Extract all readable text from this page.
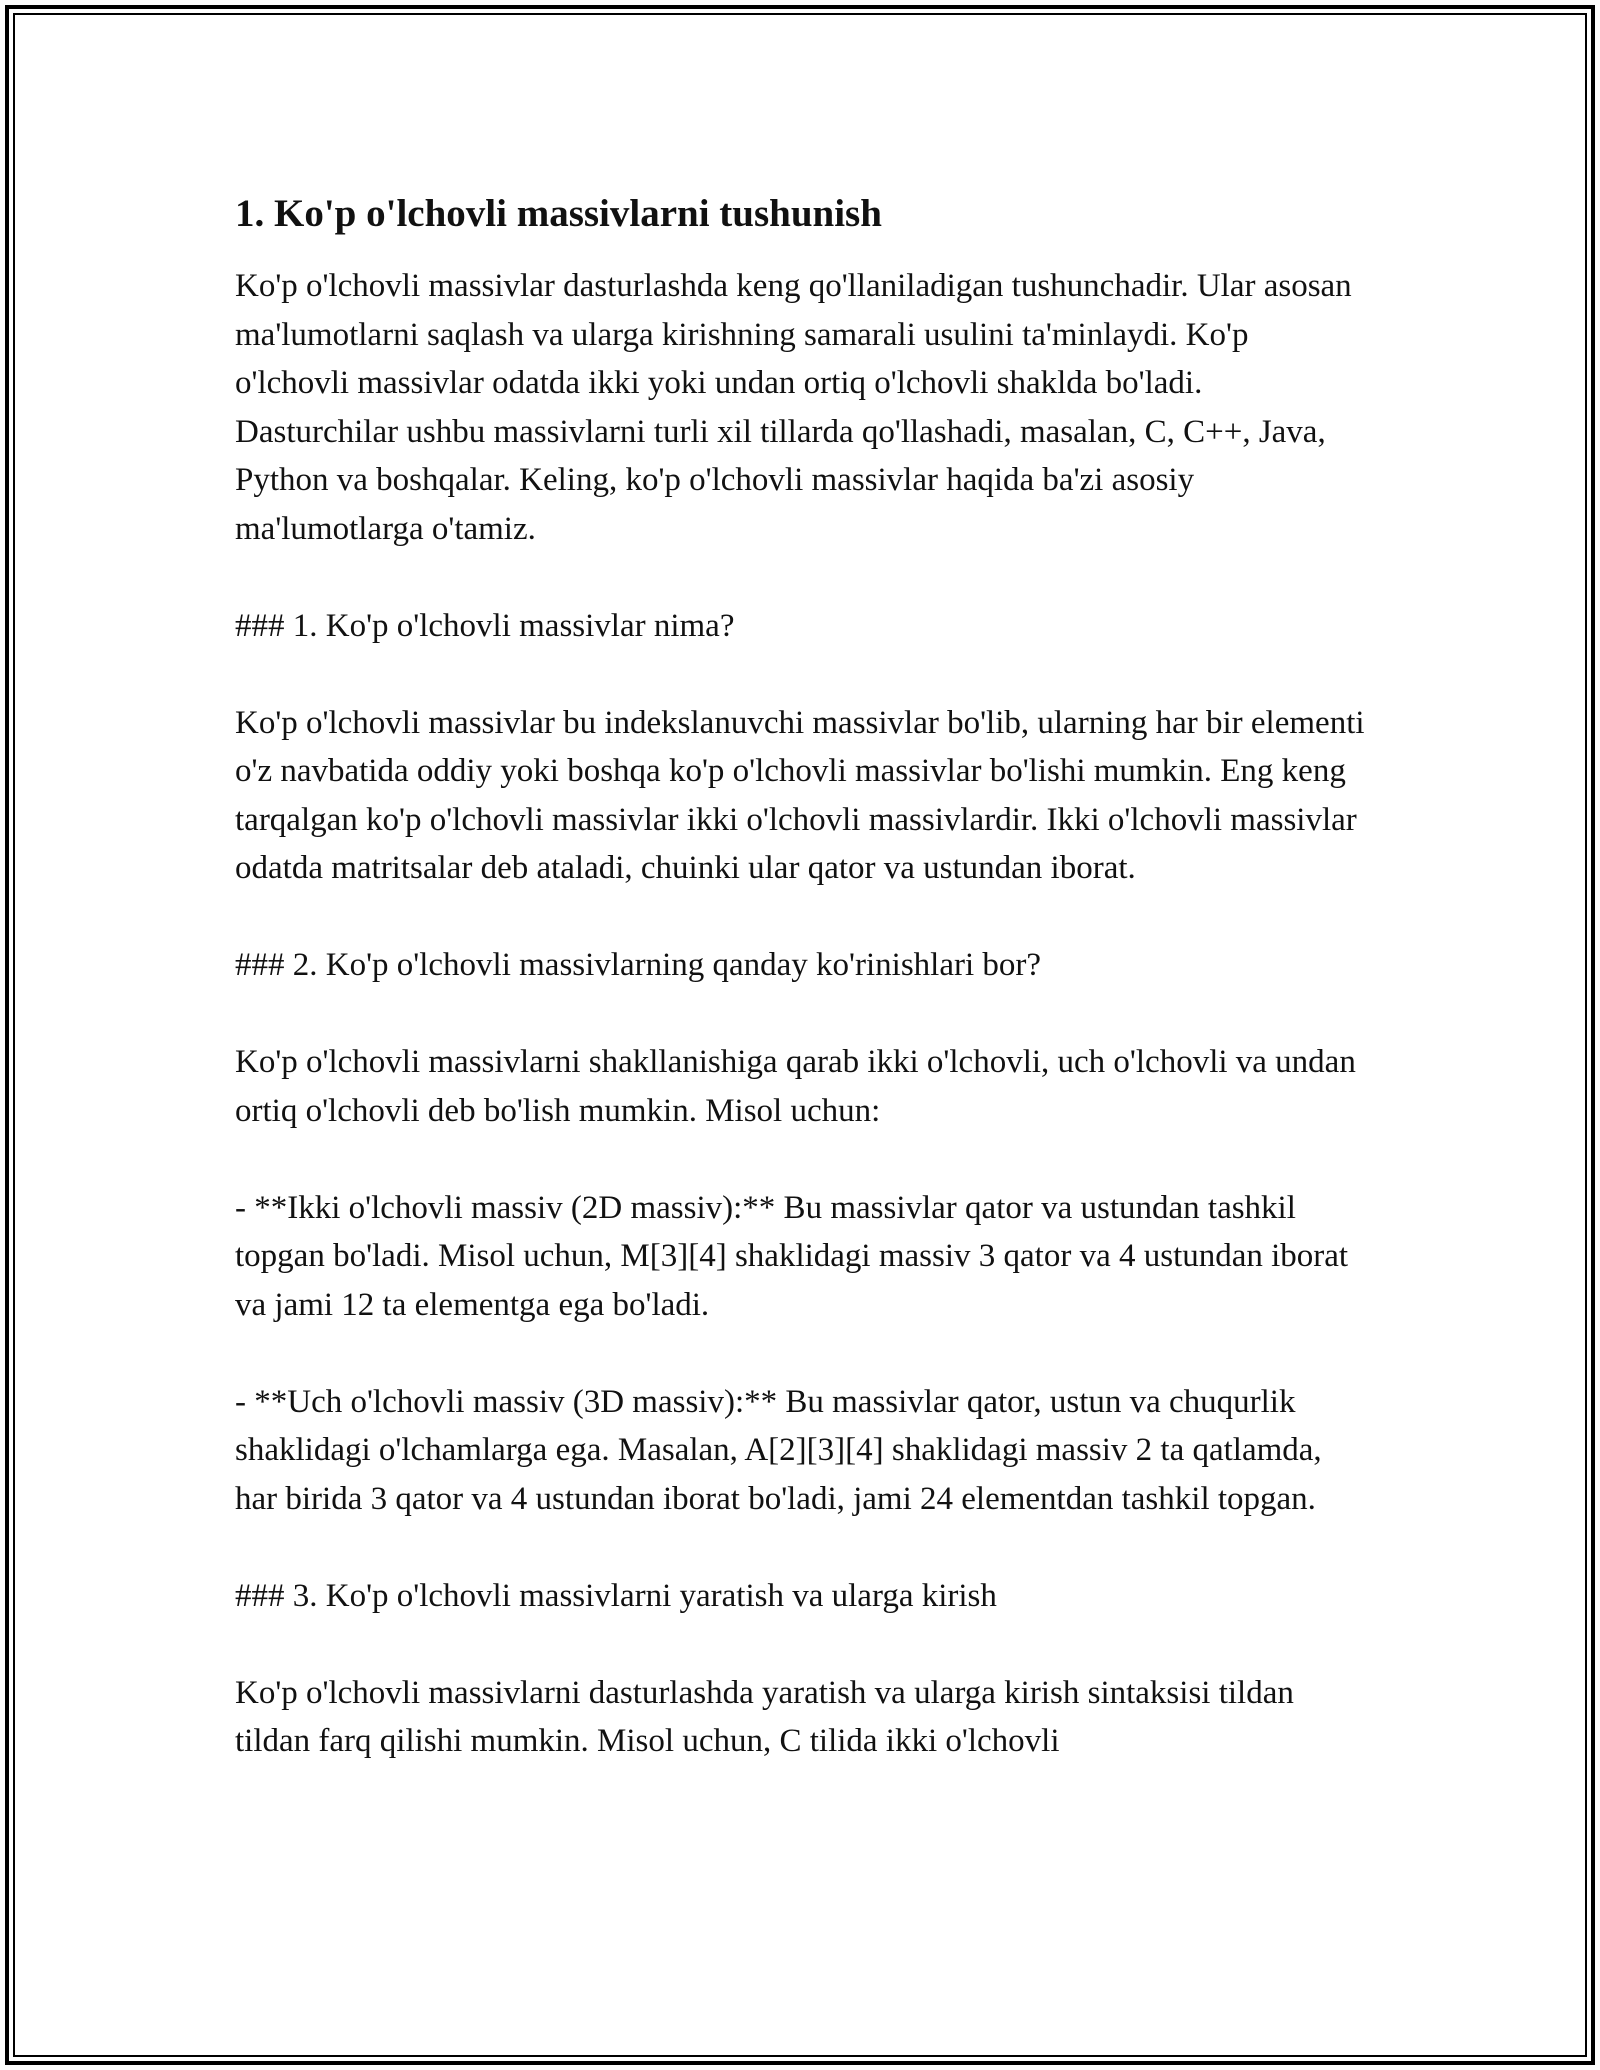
1. Ko'p o'lchovli massivlarni tushunish

Ko'p o'lchovli massivlar dasturlashda keng qo'llaniladigan tushunchadir. Ular asosan ma'lumotlarni saqlash va ularga kirishning samarali usulini ta'minlaydi. Ko'p o'lchovli massivlar odatda ikki yoki undan ortiq o'lchovli shaklda bo'ladi. Dasturchilar ushbu massivlarni turli xil tillarda qo'llashadi, masalan, C, C++, Java, Python va boshqalar. Keling, ko'p o'lchovli massivlar haqida ba'zi asosiy ma'lumotlarga o'tamiz.

### 1. Ko'p o'lchovli massivlar nima?

Ko'p o'lchovli massivlar bu indekslanuvchi massivlar bo'lib, ularning har bir elementi o'z navbatida oddiy yoki boshqa ko'p o'lchovli massivlar bo'lishi mumkin. Eng keng tarqalgan ko'p o'lchovli massivlar ikki o'lchovli massivlardir. Ikki o'lchovli massivlar odatda matritsalar deb ataladi, chuinki ular qator va ustundan iborat.

### 2. Ko'p o'lchovli massivlarning qanday ko'rinishlari bor?

Ko'p o'lchovli massivlarni shakllanishiga qarab ikki o'lchovli, uch o'lchovli va undan ortiq o'lchovli deb bo'lish mumkin. Misol uchun:

- **Ikki o'lchovli massiv (2D massiv):** Bu massivlar qator va ustundan tashkil topgan bo'ladi. Misol uchun, M[3][4] shaklidagi massiv 3 qator va 4 ustundan iborat va jami 12 ta elementga ega bo'ladi.

- **Uch o'lchovli massiv (3D massiv):** Bu massivlar qator, ustun va chuqurlik shaklidagi o'lchamlarga ega. Masalan, A[2][3][4] shaklidagi massiv 2 ta qatlamda, har birida 3 qator va 4 ustundan iborat bo'ladi, jami 24 elementdan tashkil topgan.

### 3. Ko'p o'lchovli massivlarni yaratish va ularga kirish

Ko'p o'lchovli massivlarni dasturlashda yaratish va ularga kirish sintaksisi tildan tildan farq qilishi mumkin. Misol uchun, C tilida ikki o'lchovli
